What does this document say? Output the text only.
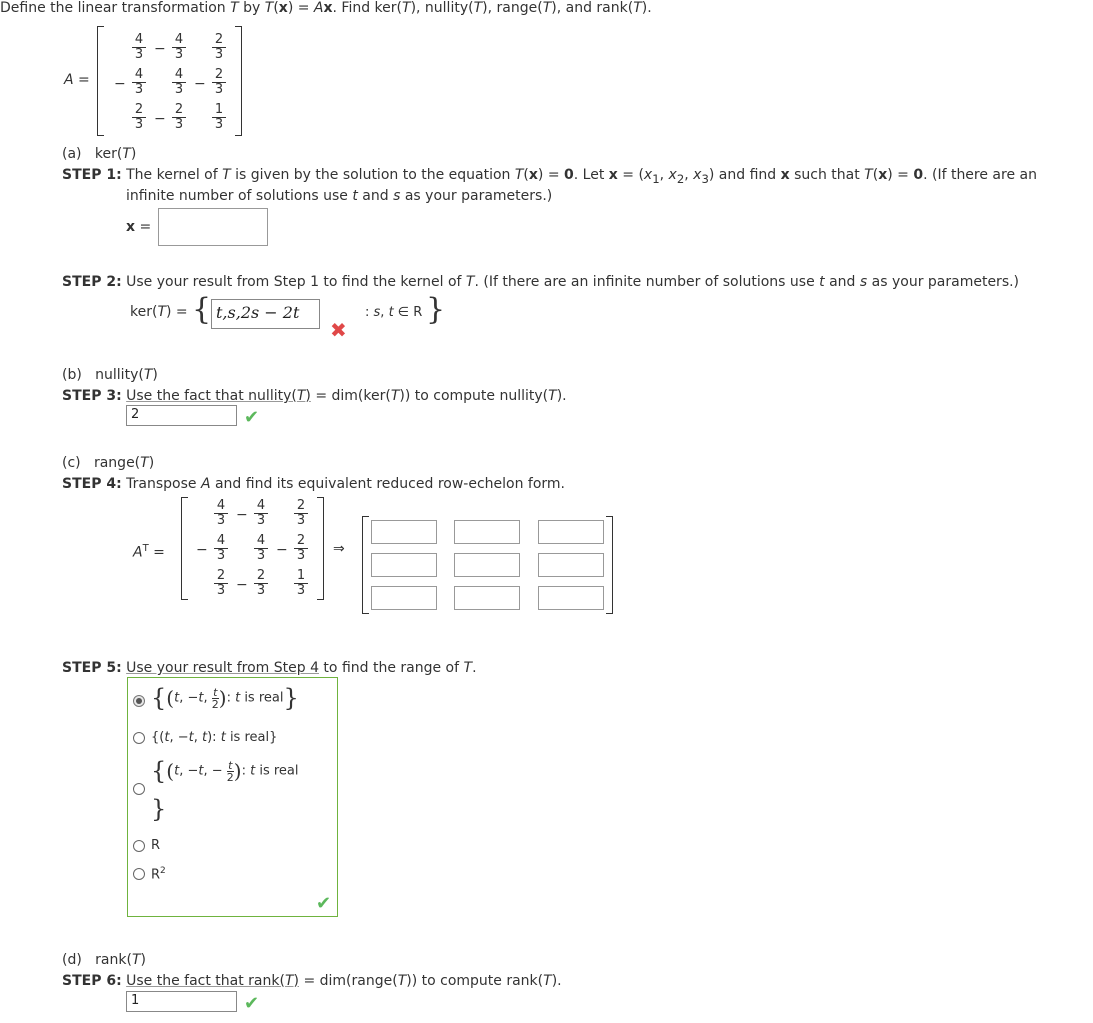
Define the linear transformation T by T(x) = Ax. Find ker(T), nullity(T), range(T), and rank(T).
A =
$\frac{4}{3} - \frac{4}{3} \frac{2}{3}$
− $\frac{4}{3} \frac{4}{3} - \frac{2}{3}$
$\frac{2}{3} - \frac{2}{3} \frac{1}{3}$
(a)   ker(T)
STEP 1: The kernel of T is given by the solution to the equation T(x) = 0. Let $x = (x_1$, $x_2$, $x_3$) and find x such that T(x) = 0. (If there are an
infinite number of solutions use t and s as your parameters.)
x =
STEP 2: Use your result from Step 1 to find the kernel of T. (If there are an infinite number of solutions use t and s as your parameters.)
ker(T) = { t,s,2s − 2t
✖
: s, t ∈ R }
(b)   nullity(T)
STEP 3: Use the fact that nullity(T) = dim(ker(T)) to compute nullity(T).
2	✔
(c)   range(T)
STEP 4: Transpose A and find its equivalent reduced row-echelon form.
$A^T$ =
$\frac{4}{3} - \frac{4}{3} \frac{2}{3}$
− $\frac{4}{3} \frac{4}{3} - \frac{2}{3}$
$\frac{2}{3} - \frac{2}{3} \frac{1}{3}$
⇒
STEP 5: Use your result from Step 4 to find the range of T.
{(t, −t, $\frac{t}{2}$ ): t is real}
{(t, −t, t): t is real}
{(t, −t, − $\frac{t}{2}$ ): t is real
}
R
$R^2$
✔
(d)   rank(T)
STEP 6: Use the fact that rank(T) = dim(range(T)) to compute rank(T).
1	✔
